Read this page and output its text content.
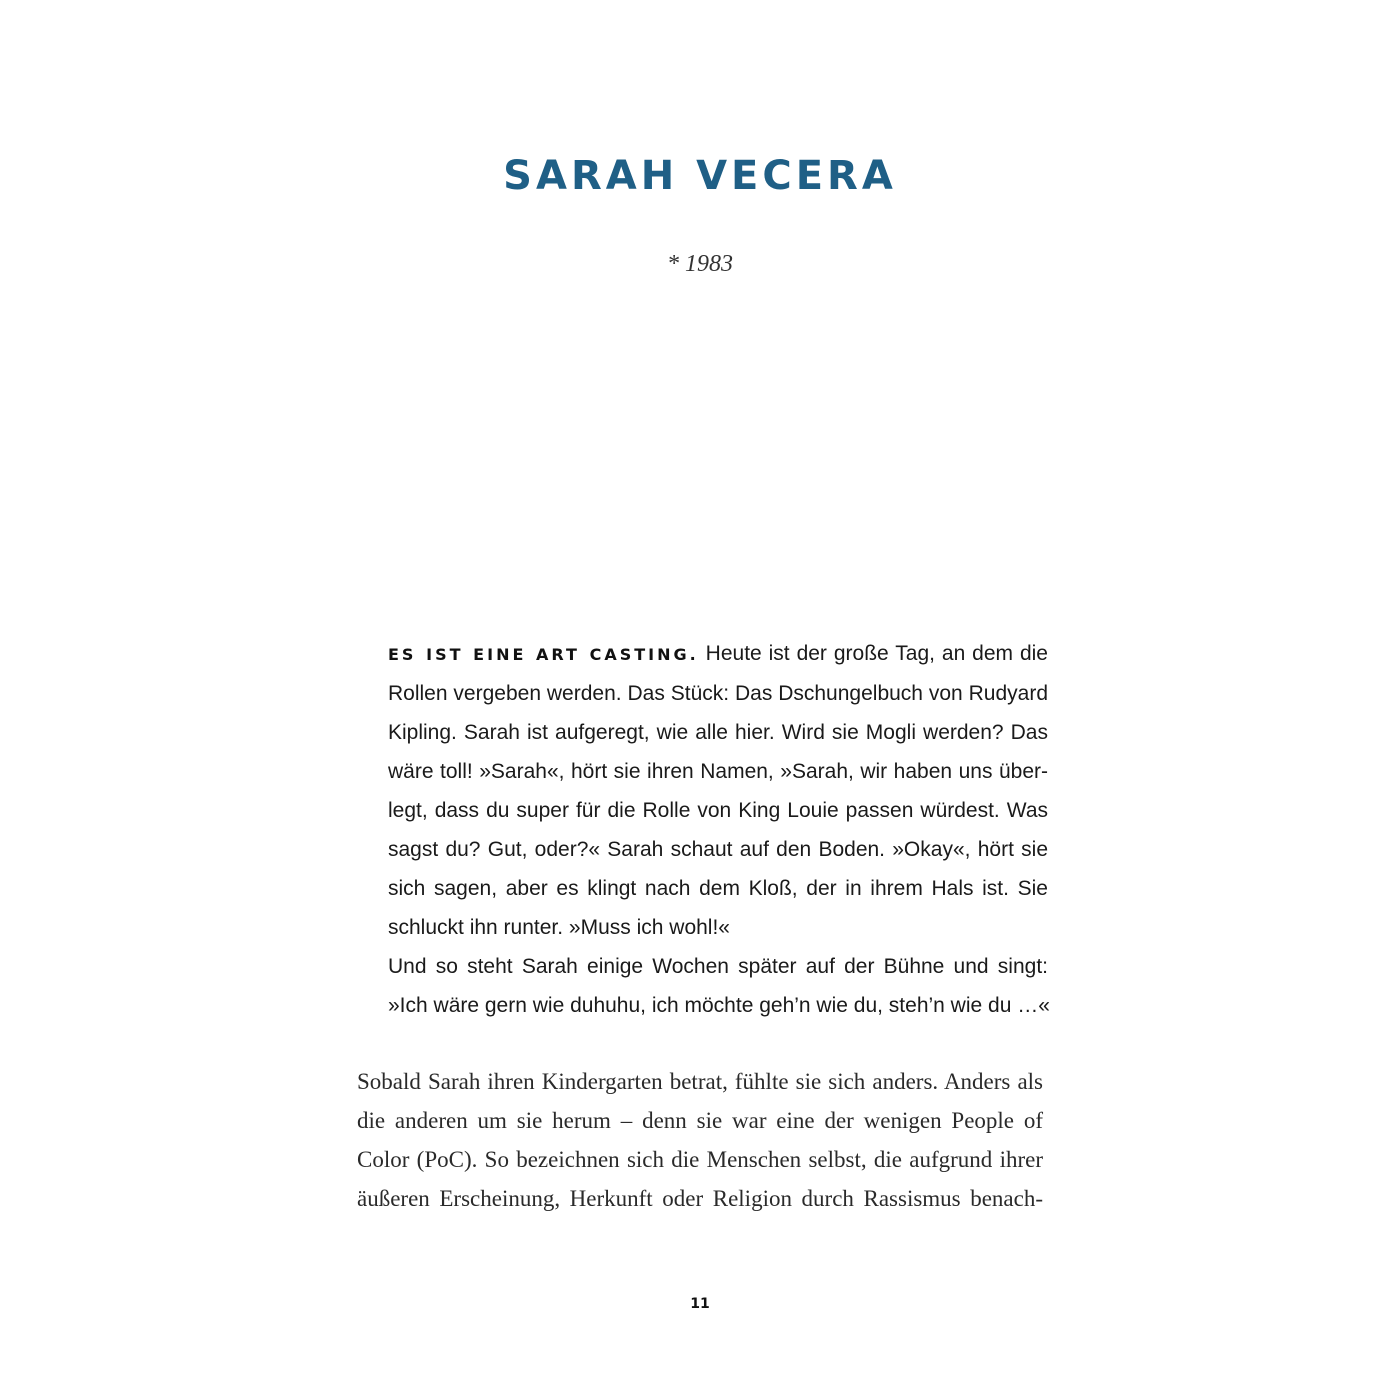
SARAH VECERA
* 1983
ES IST EINE ART CASTING. Heute ist der große Tag, an dem die
Rollen vergeben werden. Das Stück: Das Dschungelbuch von Rudyard
Kipling. Sarah ist aufgeregt, wie alle hier. Wird sie Mogli werden? Das
wäre toll! »Sarah«, hört sie ihren Namen, »Sarah, wir haben uns über-
legt, dass du super für die Rolle von King Louie passen würdest. Was
sagst du? Gut, oder?« Sarah schaut auf den Boden. »Okay«, hört sie
sich sagen, aber es klingt nach dem Kloß, der in ihrem Hals ist. Sie
schluckt ihn runter. »Muss ich wohl!«
Und so steht Sarah einige Wochen später auf der Bühne und singt:
»Ich wäre gern wie duhuhu, ich möchte geh’n wie du, steh’n wie du …«
Sobald Sarah ihren Kindergarten betrat, fühlte sie sich anders. Anders als
die anderen um sie herum – denn sie war eine der wenigen People of
Color (PoC). So bezeichnen sich die Menschen selbst, die aufgrund ihrer
äußeren Erscheinung, Herkunft oder Religion durch Rassismus benach-
11
